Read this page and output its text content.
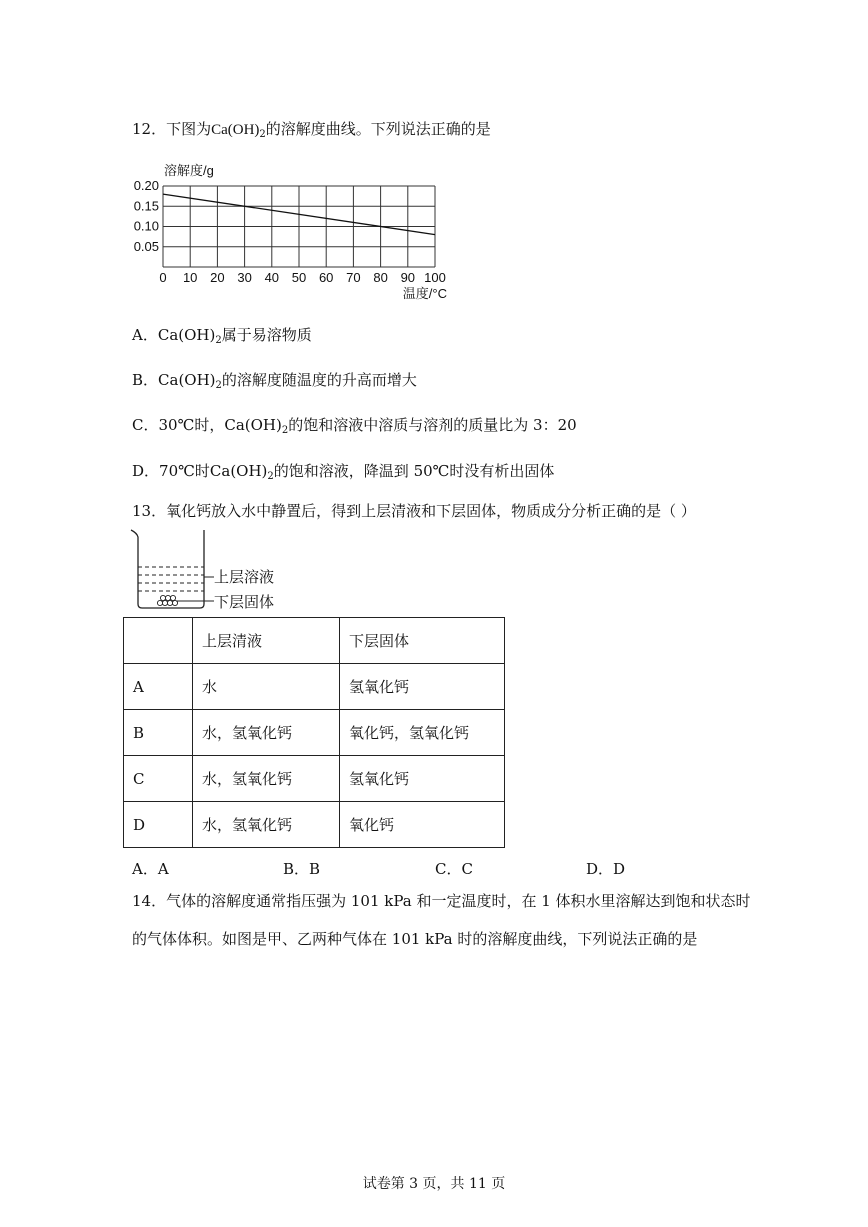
12．下图为$Ca(OH)_2$的溶解度曲线。下列说法正确的是
0.05
0.10
0.15
0.20
0 10 20 30 40 50 60 70 80 90 100
溶解度/g
温度/°C
A．$Ca(OH)_2$属于易溶物质
B．$Ca(OH)_2$的溶解度随温度的升高而增大
C．30℃时，$Ca(OH)_2$的饱和溶液中溶质与溶剂的质量比为 3：20
D．70℃时$Ca(OH)_2$的饱和溶液，降温到 50℃时没有析出固体
13．氧化钙放入水中静置后，得到上层清液和下层固体，物质成分分析正确的是（ ）
上层溶液
下层固体
	上层清液	下层固体
A	水	氢氧化钙
B	水，氢氧化钙	氧化钙，氢氧化钙
C	水，氢氧化钙	氢氧化钙
D	水，氢氧化钙	氧化钙
A．A	B．B	C．C	D．D
14．气体的溶解度通常指压强为 101 kPa 和一定温度时，在 1 体积水里溶解达到饱和状态时
的气体体积。如图是甲、乙两种气体在 101 kPa 时的溶解度曲线，下列说法正确的是
试卷第 3 页，共 11 页
